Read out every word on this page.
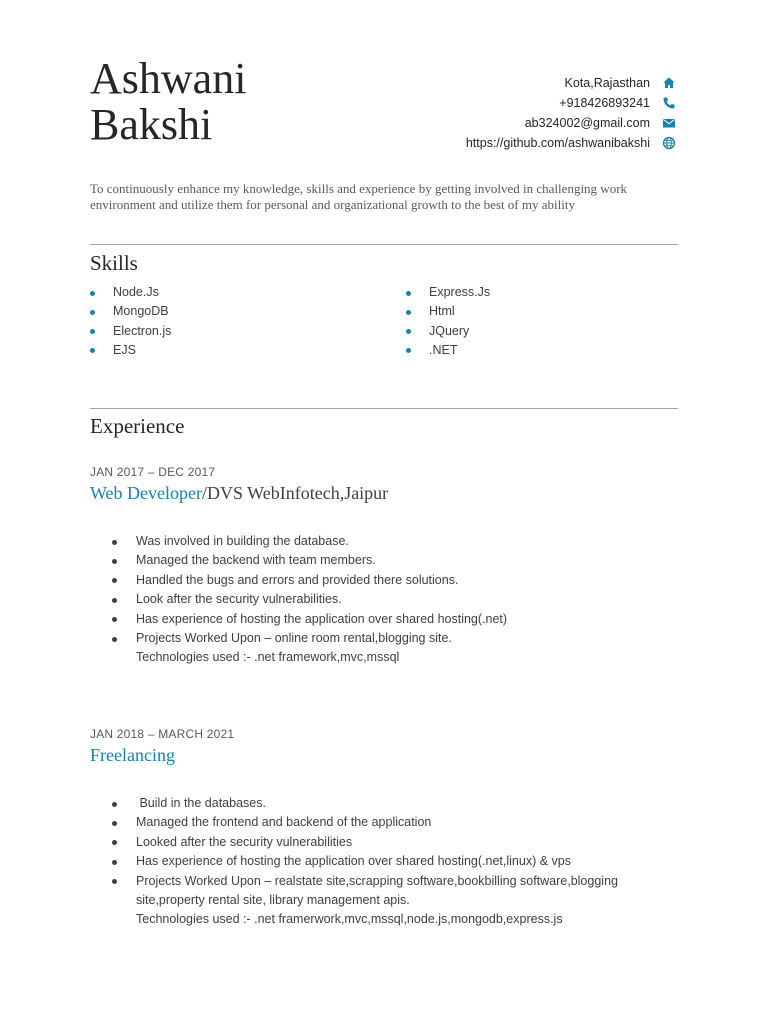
Ashwani
Bakshi
Kota,Rajasthan
+918426893241
ab324002@gmail.com
https://github.com/ashwanibakshi
To continuously enhance my knowledge, skills and experience by getting involved in challenging work environment and utilize them for personal and organizational growth to the best of my ability
Skills
Node.Js
MongoDB
Electron.js
EJS
Express.Js
Html
JQuery
.NET
Experience
JAN 2017 – DEC 2017
Web Developer/DVS WebInfotech,Jaipur
Was involved in building the database.
Managed the backend with team members.
Handled the bugs and errors and provided there solutions.
Look after the security vulnerabilities.
Has experience of hosting the application over shared hosting(.net)
Projects Worked Upon – online room rental,blogging site.
Technologies used :- .net framework,mvc,mssql
JAN 2018 – MARCH 2021
Freelancing
Build in the databases.
Managed the frontend and backend of the application
Looked after the security vulnerabilities
Has experience of hosting the application over shared hosting(.net,linux) & vps
Projects Worked Upon – realstate site,scrapping software,bookbilling software,blogging site,property rental site, library management apis.
Technologies used :- .net framerwork,mvc,mssql,node.js,mongodb,express.js
